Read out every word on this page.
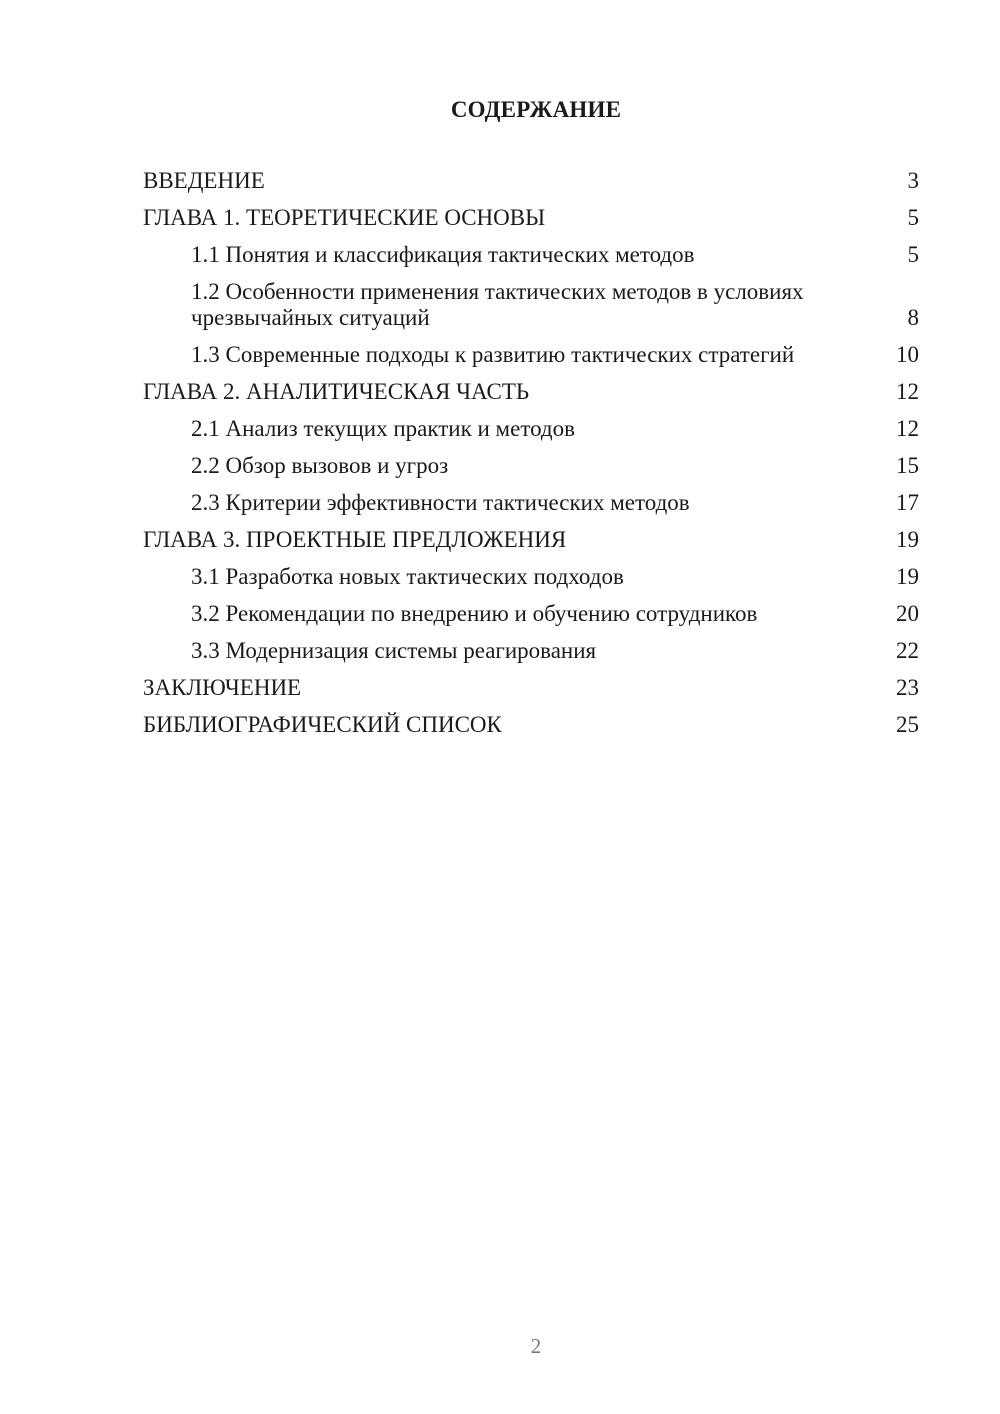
СОДЕРЖАНИЕ
ВВЕДЕНИЕ	3
ГЛАВА 1. ТЕОРЕТИЧЕСКИЕ ОСНОВЫ	5
1.1 Понятия и классификация тактических методов	5
1.2 Особенности применения тактических методов в условиях чрезвычайных ситуаций	8
1.3 Современные подходы к развитию тактических стратегий	10
ГЛАВА 2. АНАЛИТИЧЕСКАЯ ЧАСТЬ	12
2.1 Анализ текущих практик и методов	12
2.2 Обзор вызовов и угроз	15
2.3 Критерии эффективности тактических методов	17
ГЛАВА 3. ПРОЕКТНЫЕ ПРЕДЛОЖЕНИЯ	19
3.1 Разработка новых тактических подходов	19
3.2 Рекомендации по внедрению и обучению сотрудников	20
3.3 Модернизация системы реагирования	22
ЗАКЛЮЧЕНИЕ	23
БИБЛИОГРАФИЧЕСКИЙ СПИСОК	25
2
